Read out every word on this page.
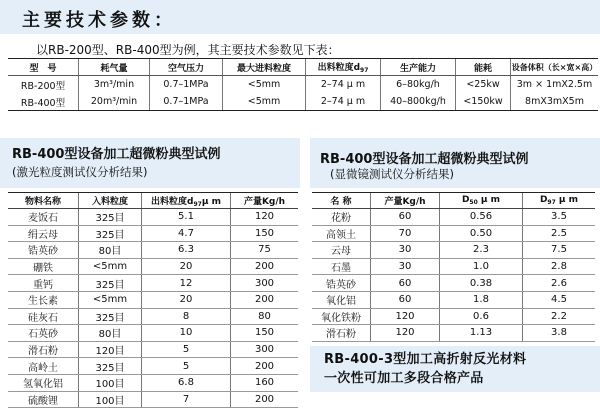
主要技术参数：
以RB-200型、RB-400型为例，其主要技术参数见下表：
型　号	耗气量	空气压力	最大进料粒度	出料粒度$d_{97}$	生产能力	能耗	设备体积（长×宽×高）
RB-200型	3m³/min	0.7–1MPa	<5mm	2–74 μ m	6–80kg/h	<25kw	3m × 1mX2.5m
RB-400型	20m³/min	0.7–1MPa	<5mm	2–74 μ m	40–800kg/h	<150kw	8mX3mX5m
RB-400型设备加工超微粉典型试例
(激光粒度测试仪分析结果)
RB-400型设备加工超微粉典型试例
(显微镜测试仪分析结果)
物料名称	入料粒度	出料粒度$d_{97}\mu$ m	产量Kg/h
麦饭石	325目	5.1	120
绢云母	325目	4.7	150
锆英砂	80目	6.3	75
硼铁	<5mm	20	200
重钙	325目	12	300
生长素	<5mm	20	200
硅灰石	325目	8	80
石英砂	80目	10	150
滑石粉	120目	5	300
高岭土	325目	5	200
氢氧化铝	100目	6.8	160
硫酸锂	100目	7	200
名 称	产量Kg/h	$D_{50}$ μ m	$D_{97}$ μ m
花粉	60	0.56	3.5
高领土	70	0.50	2.5
云母	30	2.3	7.5
石墨	30	1.0	2.8
锆英砂	60	0.38	2.6
氧化铝	60	1.8	4.5
氧化铁粉	120	0.6	2.2
滑石粉	120	1.13	3.8
RB-400-3型加工高折射反光材料
一次性可加工多段合格产品
